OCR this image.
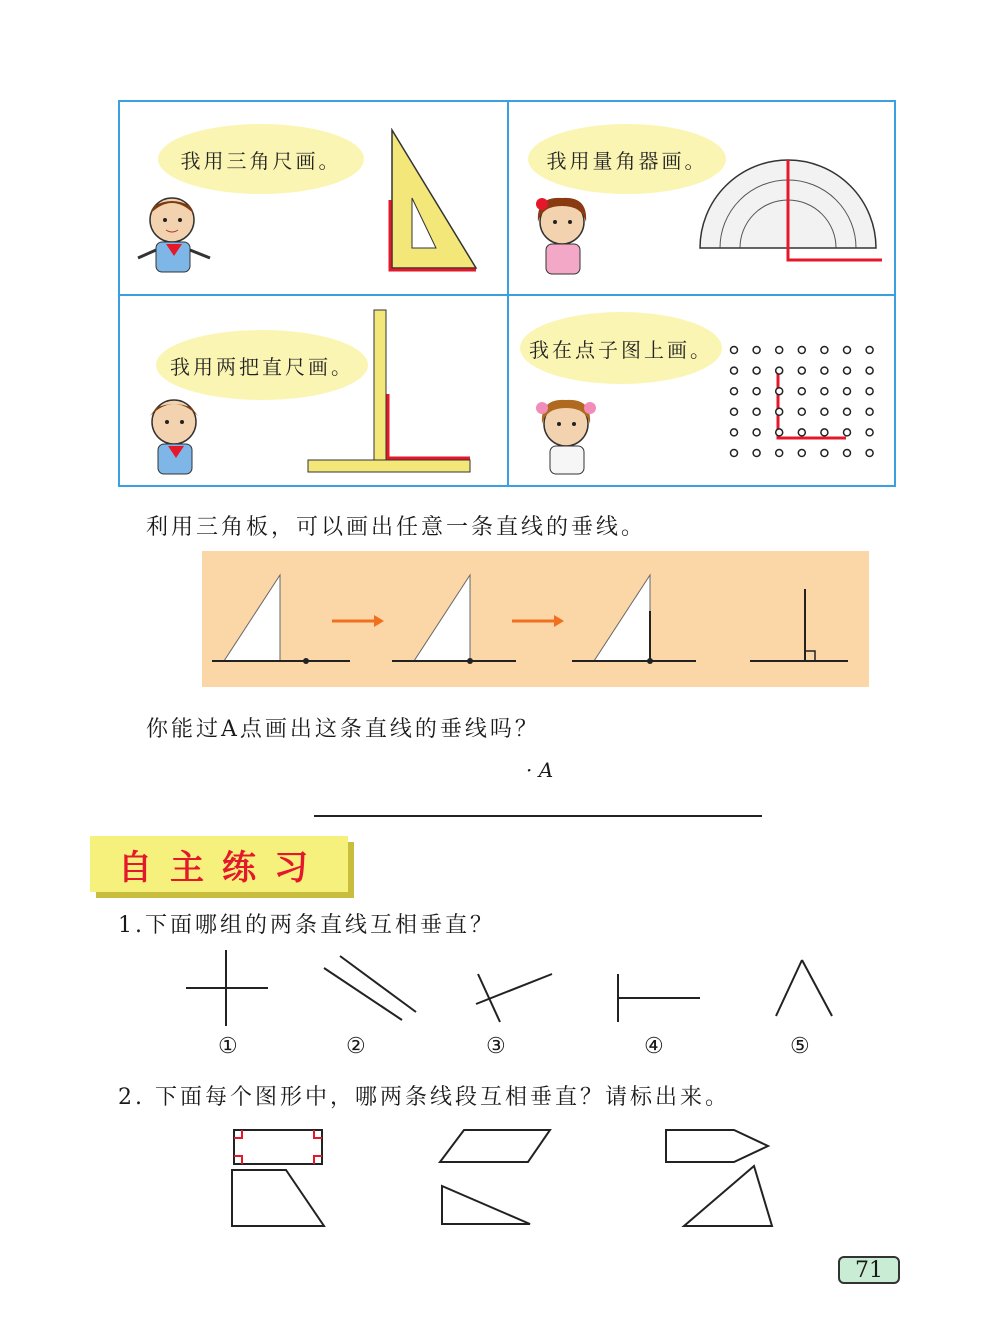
我用三角尺画。	我用量角器画。
我用两把直尺画。
我在点子图上画。
利用三角板，可以画出任意一条直线的垂线。
你能过A点画出这条直线的垂线吗？
· A
自主练习
1.下面哪组的两条直线互相垂直？
①	②	③	④	⑤
2. 下面每个图形中，哪两条线段互相垂直？请标出来。
71
